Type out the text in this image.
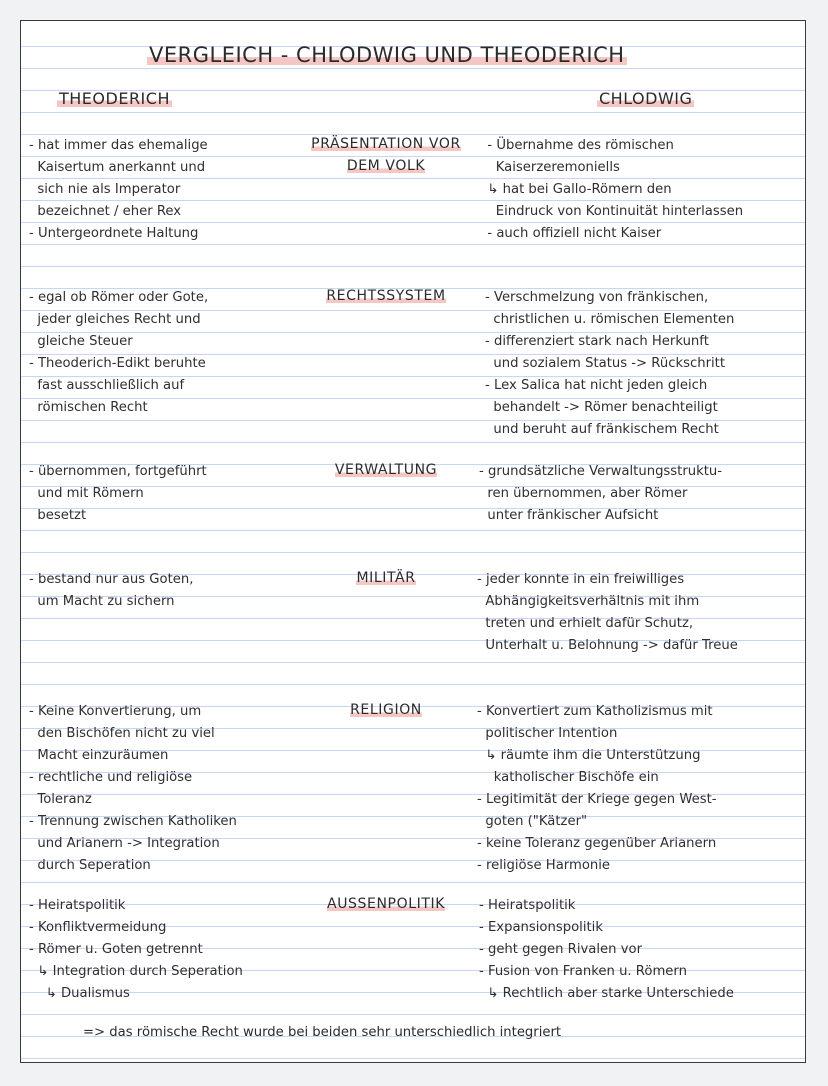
VERGLEICH - CHLODWIG UND THEODERICH
THEODERICH	CHLODWIG
PRÄSENTATION VOR
DEM VOLK
- hat immer das ehemalige
Kaisertum anerkannt und
sich nie als Imperator
bezeichnet / eher Rex
- Untergeordnete Haltung
- Übernahme des römischen
Kaiserzeremoniells
↳ hat bei Gallo-Römern den
Eindruck von Kontinuität hinterlassen
- auch offiziell nicht Kaiser
RECHTSSYSTEM
- egal ob Römer oder Gote,
jeder gleiches Recht und
gleiche Steuer
- Theoderich-Edikt beruhte
fast ausschließlich auf
römischen Recht
- Verschmelzung von fränkischen,
christlichen u. römischen Elementen
- differenziert stark nach Herkunft
und sozialem Status -> Rückschritt
- Lex Salica hat nicht jeden gleich
behandelt -> Römer benachteiligt
und beruht auf fränkischem Recht
VERWALTUNG
- übernommen, fortgeführt
und mit Römern
besetzt
- grundsätzliche Verwaltungsstruktu-
ren übernommen, aber Römer
unter fränkischer Aufsicht
MILITÄR
- bestand nur aus Goten,
um Macht zu sichern
- jeder konnte in ein freiwilliges
Abhängigkeitsverhältnis mit ihm
treten und erhielt dafür Schutz,
Unterhalt u. Belohnung -> dafür Treue
RELIGION
- Keine Konvertierung, um
den Bischöfen nicht zu viel
Macht einzuräumen
- rechtliche und religiöse
Toleranz
- Trennung zwischen Katholiken
und Arianern -> Integration
durch Seperation
- Konvertiert zum Katholizismus mit
politischer Intention
↳ räumte ihm die Unterstützung
katholischer Bischöfe ein
- Legitimität der Kriege gegen West-
goten ("Kätzer"
- keine Toleranz gegenüber Arianern
- religiöse Harmonie
AUSSENPOLITIK
- Heiratspolitik
- Konfliktvermeidung
- Römer u. Goten getrennt
↳ Integration durch Seperation
↳ Dualismus
- Heiratspolitik
- Expansionspolitik
- geht gegen Rivalen vor
- Fusion von Franken u. Römern
↳ Rechtlich aber starke Unterschiede
=> das römische Recht wurde bei beiden sehr unterschiedlich integriert
